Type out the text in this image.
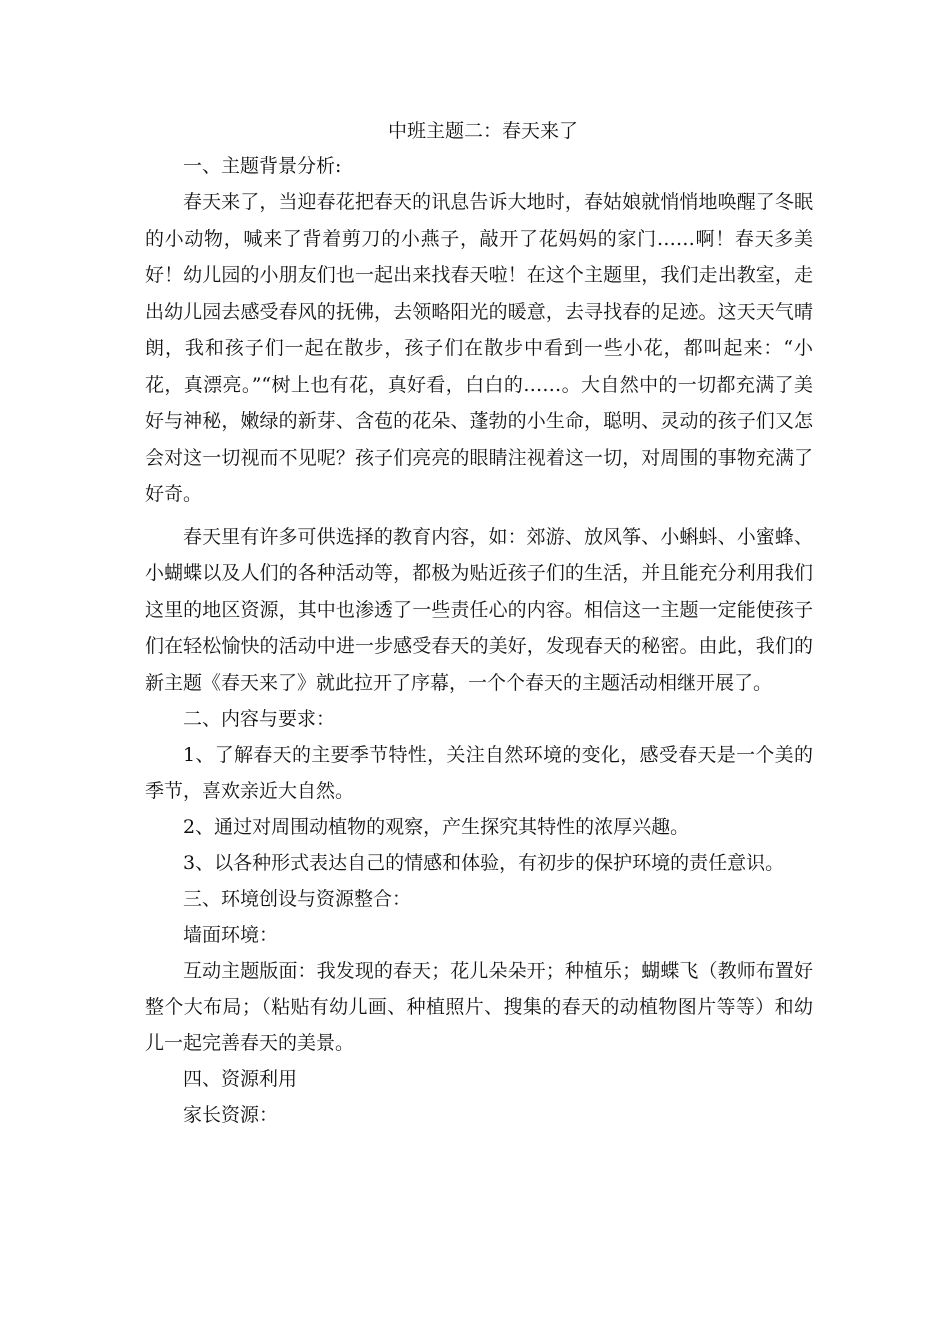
中班主题二：春天来了

一、主题背景分析:

春天来了，当迎春花把春天的讯息告诉大地时，春姑娘就悄悄地唤醒了冬眠的小动物，喊来了背着剪刀的小燕子，敲开了花妈妈的家门……啊！春天多美好！幼儿园的小朋友们也一起出来找春天啦！在这个主题里，我们走出教室，走出幼儿园去感受春风的抚佛，去领略阳光的暖意，去寻找春的足迹。这天天气晴朗，我和孩子们一起在散步，孩子们在散步中看到一些小花，都叫起来：“小花，真漂亮。”“树上也有花，真好看，白白的……。大自然中的一切都充满了美好与神秘，嫩绿的新芽、含苞的花朵、蓬勃的小生命，聪明、灵动的孩子们又怎会对这一切视而不见呢？孩子们亮亮的眼睛注视着这一切，对周围的事物充满了好奇。

春天里有许多可供选择的教育内容，如：郊游、放风筝、小蝌蚪、小蜜蜂、小蝴蝶以及人们的各种活动等，都极为贴近孩子们的生活，并且能充分利用我们这里的地区资源，其中也渗透了一些责任心的内容。相信这一主题一定能使孩子们在轻松愉快的活动中进一步感受春天的美好，发现春天的秘密。由此，我们的新主题《春天来了》就此拉开了序幕，一个个春天的主题活动相继开展了。

二、内容与要求：

1、了解春天的主要季节特性，关注自然环境的变化，感受春天是一个美的季节，喜欢亲近大自然。

2、通过对周围动植物的观察，产生探究其特性的浓厚兴趣。

3、以各种形式表达自己的情感和体验，有初步的保护环境的责任意识。

三、环境创设与资源整合：

墙面环境：

互动主题版面：我发现的春天；花儿朵朵开；种植乐；蝴蝶飞（教师布置好整个大布局；（粘贴有幼儿画、种植照片、搜集的春天的动植物图片等等）和幼儿一起完善春天的美景。

四、资源利用

家长资源：
